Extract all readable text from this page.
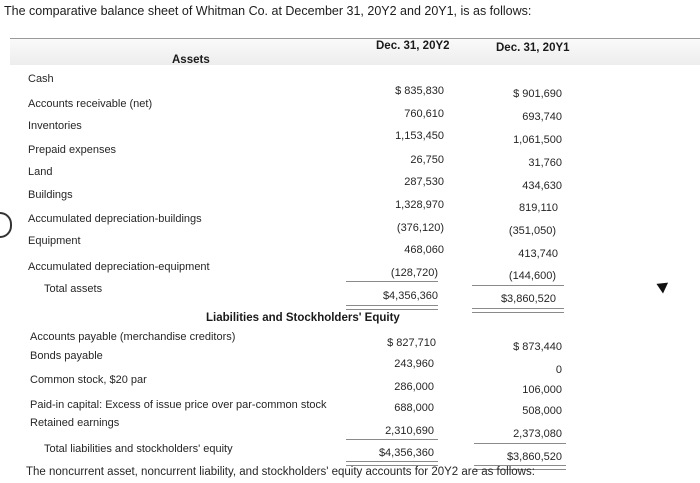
The comparative balance sheet of Whitman Co. at December 31, 20Y2 and 20Y1, is as follows:
Dec. 31, 20Y2	Dec. 31, 20Y1
Assets
Cash
Accounts receivable (net)
Inventories
Prepaid expenses
Land
Buildings
Accumulated depreciation-buildings
Equipment
Accumulated depreciation-equipment
Total assets
$ 835,830
760,610
1,153,450
26,750
287,530
1,328,970
(376,120)
468,060
(128,720)
$4,356,360
$ 901,690
693,740
1,061,500
31,760
434,630
819,110
(351,050)
413,740
(144,600)
$3,860,520
Liabilities and Stockholders' Equity
Accounts payable (merchandise creditors)
Bonds payable
Common stock, $20 par
Paid-in capital: Excess of issue price over par-common stock
Retained earnings
Total liabilities and stockholders' equity
$ 827,710
243,960
286,000
688,000
2,310,690
$4,356,360
$ 873,440
0
106,000
508,000
2,373,080
$3,860,520
The noncurrent asset, noncurrent liability, and stockholders' equity accounts for 20Y2 are as follows:
